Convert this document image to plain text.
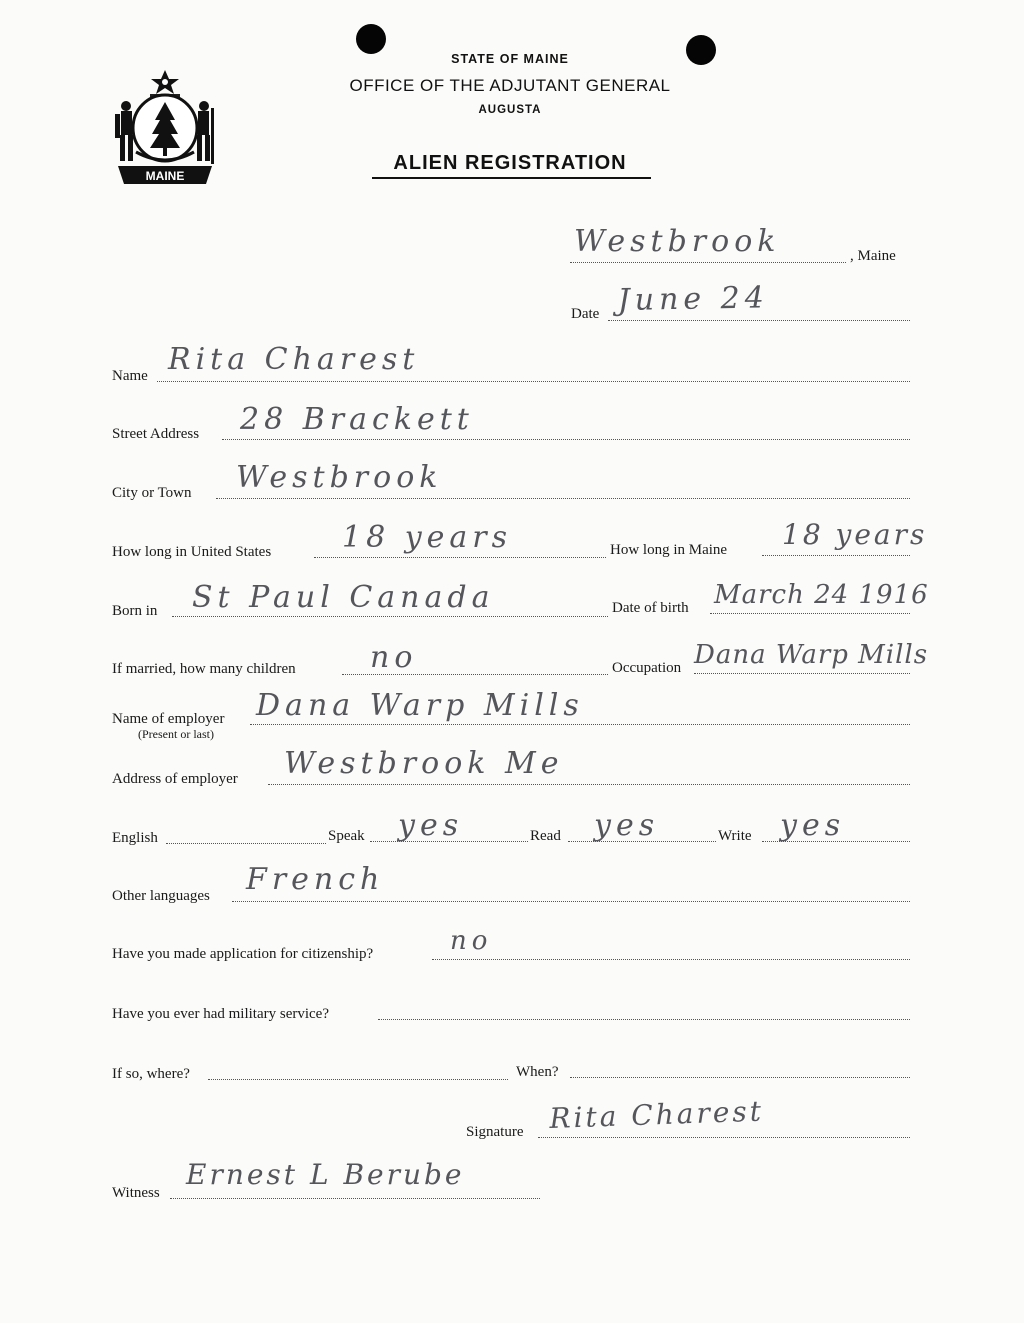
MAINE
STATE OF MAINE
OFFICE OF THE ADJUTANT GENERAL
AUGUSTA
ALIEN REGISTRATION
Westbrook	, Maine
Date June 24
Name Rita Charest
Street Address 28 Brackett
City or Town Westbrook
How long in United States 18 years	How long in Maine 18 years
Born in St Paul Canada	Date of birth March 24 1916
If married, how many children no	Occupation Dana Warp Mills
Name of employer
(Present or last)
Dana Warp Mills
Address of employer Westbrook Me
English	Speak yes	Read yes	Write yes
Other languages French
Have you made application for citizenship?	no
Have you ever had military service?
If so, where?	When?
Signature Rita Charest
Witness
Ernest L Berube
